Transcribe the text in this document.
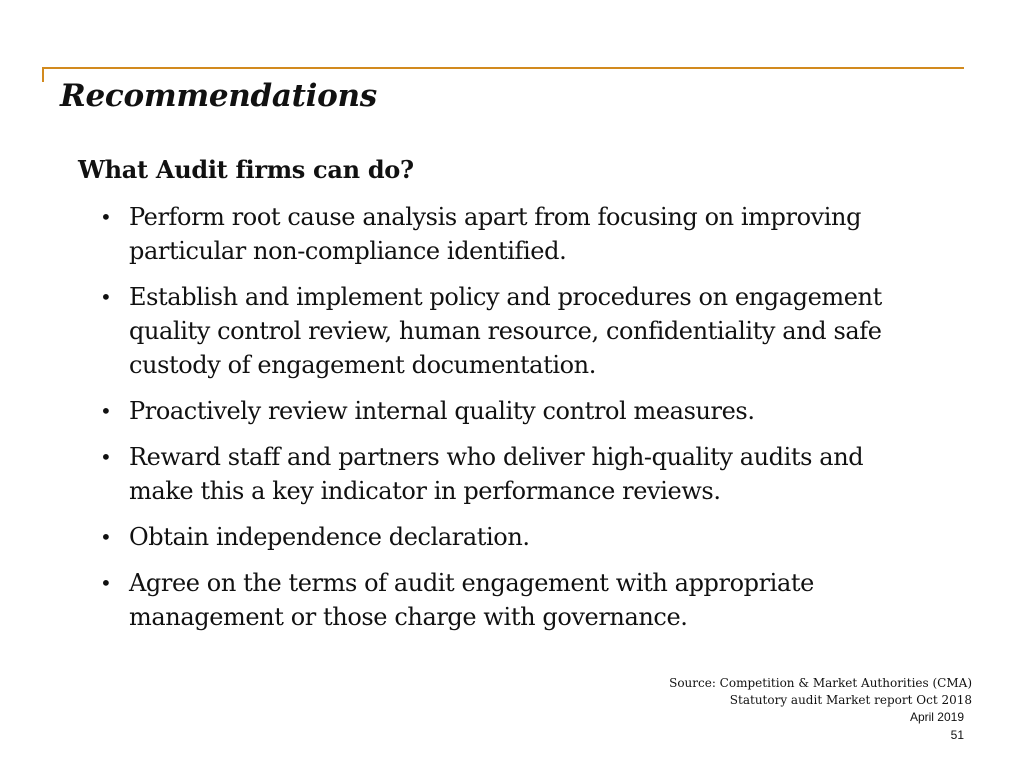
Recommendations
What Audit firms can do?
• Perform root cause analysis apart from focusing on improving particular non-compliance identified.
• Establish and implement policy and procedures on engagement quality control review, human resource, confidentiality and safe custody of engagement documentation.
• Proactively review internal quality control measures.
• Reward staff and partners who deliver high-quality audits and make this a key indicator in performance reviews.
• Obtain independence declaration.
• Agree on the terms of audit engagement with appropriate management or those charge with governance.
Source: Competition & Market Authorities (CMA)
Statutory audit Market report Oct 2018
April 2019
51
